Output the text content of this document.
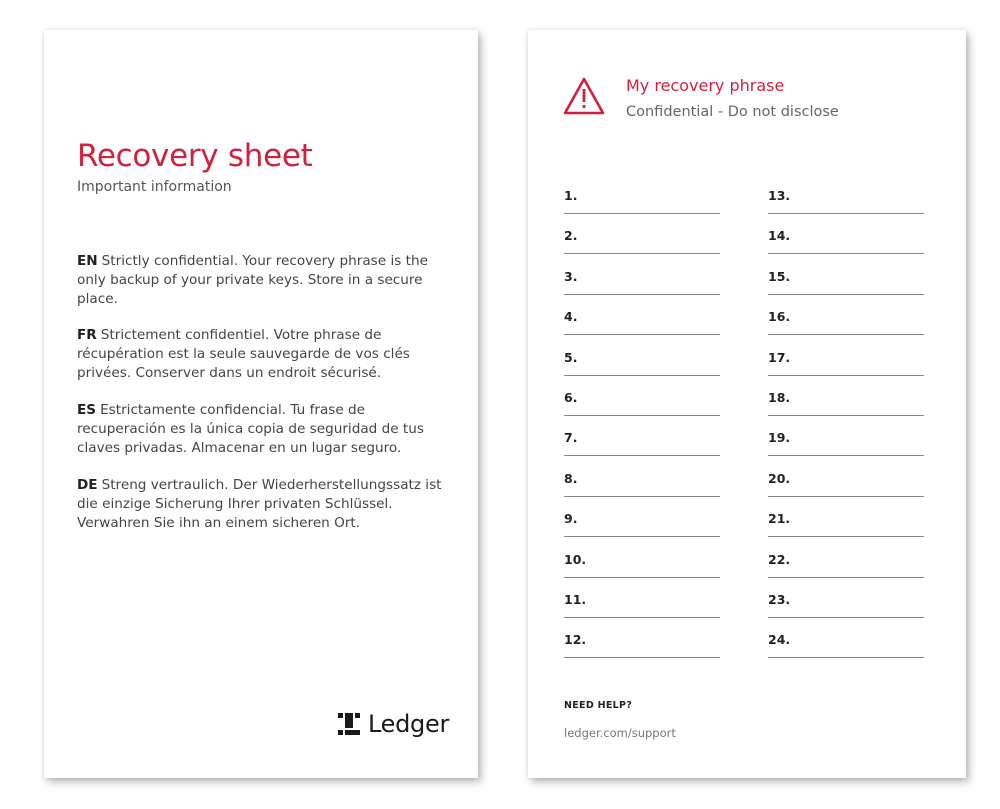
Recovery sheet
Important information
EN Strictly confidential. Your recovery phrase is the only backup of your private keys. Store in a secure place.
FR Strictement confidentiel. Votre phrase de récupération est la seule sauvegarde de vos clés privées. Conserver dans un endroit sécurisé.
ES Estrictamente confidencial. Tu frase de recuperación es la única copia de seguridad de tus claves privadas. Almacenar en un lugar seguro.
DE Streng vertraulich. Der Wiederherstellungssatz ist die einzige Sicherung Ihrer privaten Schlüssel. Verwahren Sie ihn an einem sicheren Ort.
Ledger
My recovery phrase
Confidential - Do not disclose
1.
2.
3.
4.
5.
6.
7.
8.
9.
10.
11.
12.
13.
14.
15.
16.
17.
18.
19.
20.
21.
22.
23.
24.
NEED HELP?
ledger.com/support
